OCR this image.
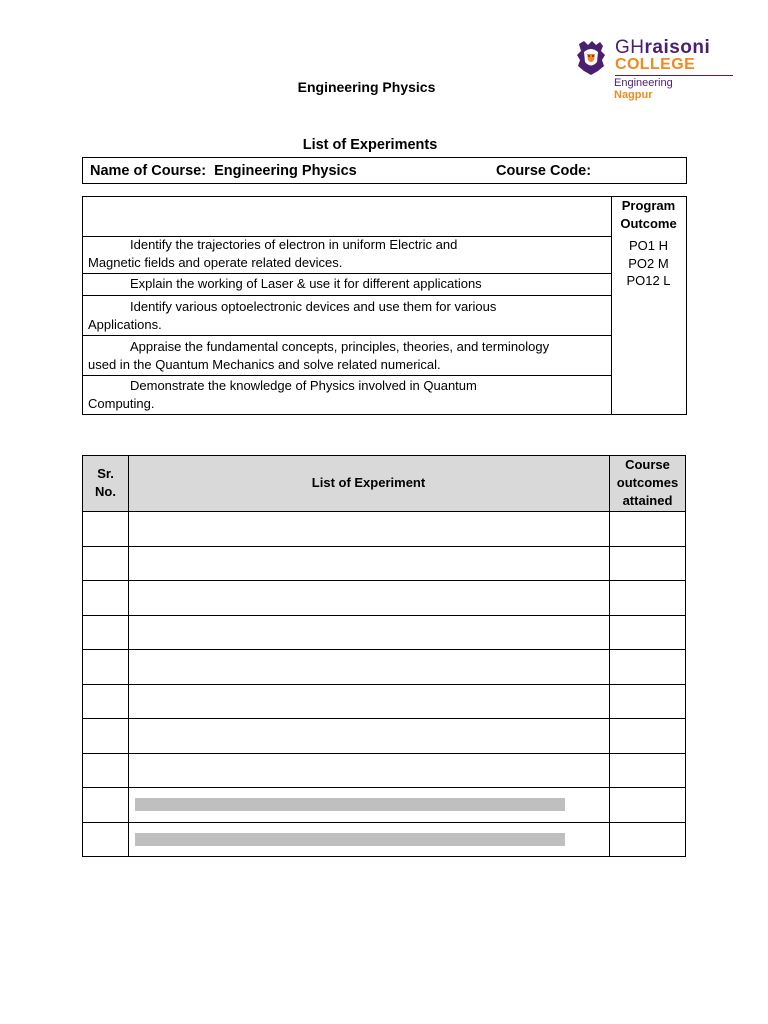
GHraisoni
COLLEGE
Engineering
Nagpur
Engineering Physics
List of Experiments
Name of Course:  Engineering Physics	Course Code:
Program
Outcome
Identify the trajectories of electron in uniform Electric and
Magnetic fields and operate related devices.
Explain the working of Laser & use it for different applications
Identify various optoelectronic devices and use them for various
Applications.
Appraise the fundamental concepts, principles, theories, and terminology
used in the Quantum Mechanics and solve related numerical.
Demonstrate the knowledge of Physics involved in Quantum
Computing.
PO1 H
PO2 M
PO12 L
Sr.
No.
List of Experiment
Course
outcomes
attained
